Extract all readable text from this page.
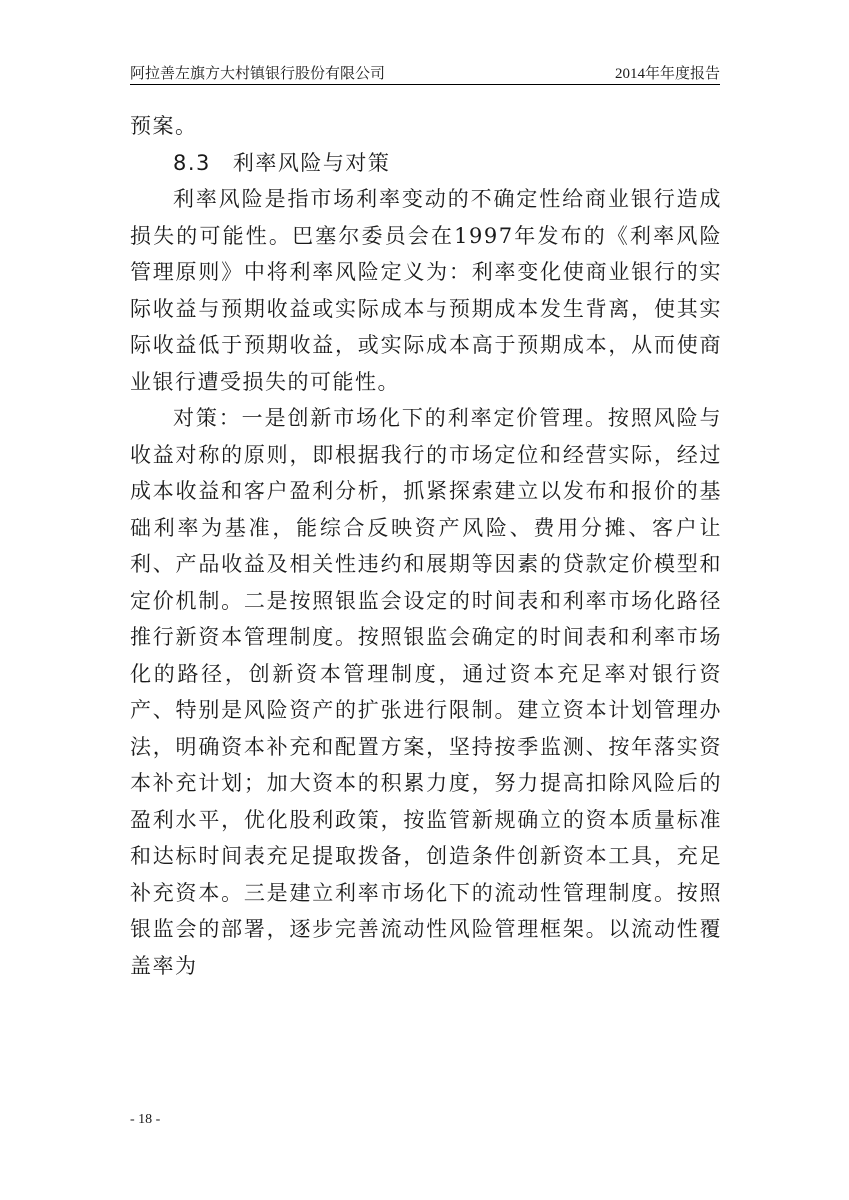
阿拉善左旗方大村镇银行股份有限公司	2014年年度报告

预案。

8.3 利率风险与对策

利率风险是指市场利率变动的不确定性给商业银行造成损失的可能性。巴塞尔委员会在1997年发布的《利率风险管理原则》中将利率风险定义为：利率变化使商业银行的实际收益与预期收益或实际成本与预期成本发生背离，使其实际收益低于预期收益，或实际成本高于预期成本，从而使商业银行遭受损失的可能性。

对策：一是创新市场化下的利率定价管理。按照风险与收益对称的原则，即根据我行的市场定位和经营实际，经过成本收益和客户盈利分析，抓紧探索建立以发布和报价的基础利率为基准，能综合反映资产风险、费用分摊、客户让利、产品收益及相关性违约和展期等因素的贷款定价模型和定价机制。二是按照银监会设定的时间表和利率市场化路径推行新资本管理制度。按照银监会确定的时间表和利率市场化的路径，创新资本管理制度，通过资本充足率对银行资产、特别是风险资产的扩张进行限制。建立资本计划管理办法，明确资本补充和配置方案，坚持按季监测、按年落实资本补充计划；加大资本的积累力度，努力提高扣除风险后的盈利水平，优化股利政策，按监管新规确立的资本质量标准和达标时间表充足提取拨备，创造条件创新资本工具，充足补充资本。三是建立利率市场化下的流动性管理制度。按照银监会的部署，逐步完善流动性风险管理框架。以流动性覆盖率为

- 18 -
